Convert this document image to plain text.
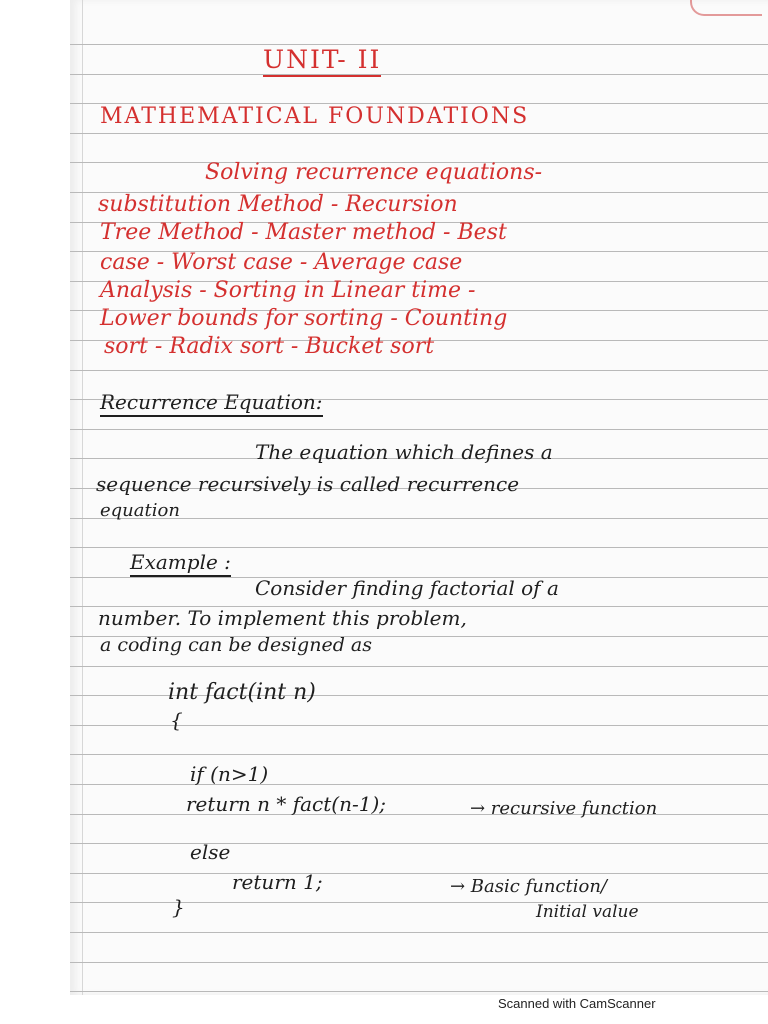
UNIT- II
MATHEMATICAL FOUNDATIONS
Solving recurrence equations-
substitution Method - Recursion
Tree Method - Master method - Best
case - Worst case - Average case
Analysis - Sorting in Linear time -
Lower bounds for sorting - Counting
sort - Radix sort - Bucket sort
Recurrence Equation:
The equation which defines a
sequence recursively is called recurrence
equation
Example :
Consider finding factorial of a
number. To implement this problem,
a coding can be designed as
int fact(int n)
{
if (n>1)
return n * fact(n-1);	→ recursive function
else
return 1;	→ Basic function/
}	Initial value
Scanned with CamScanner
